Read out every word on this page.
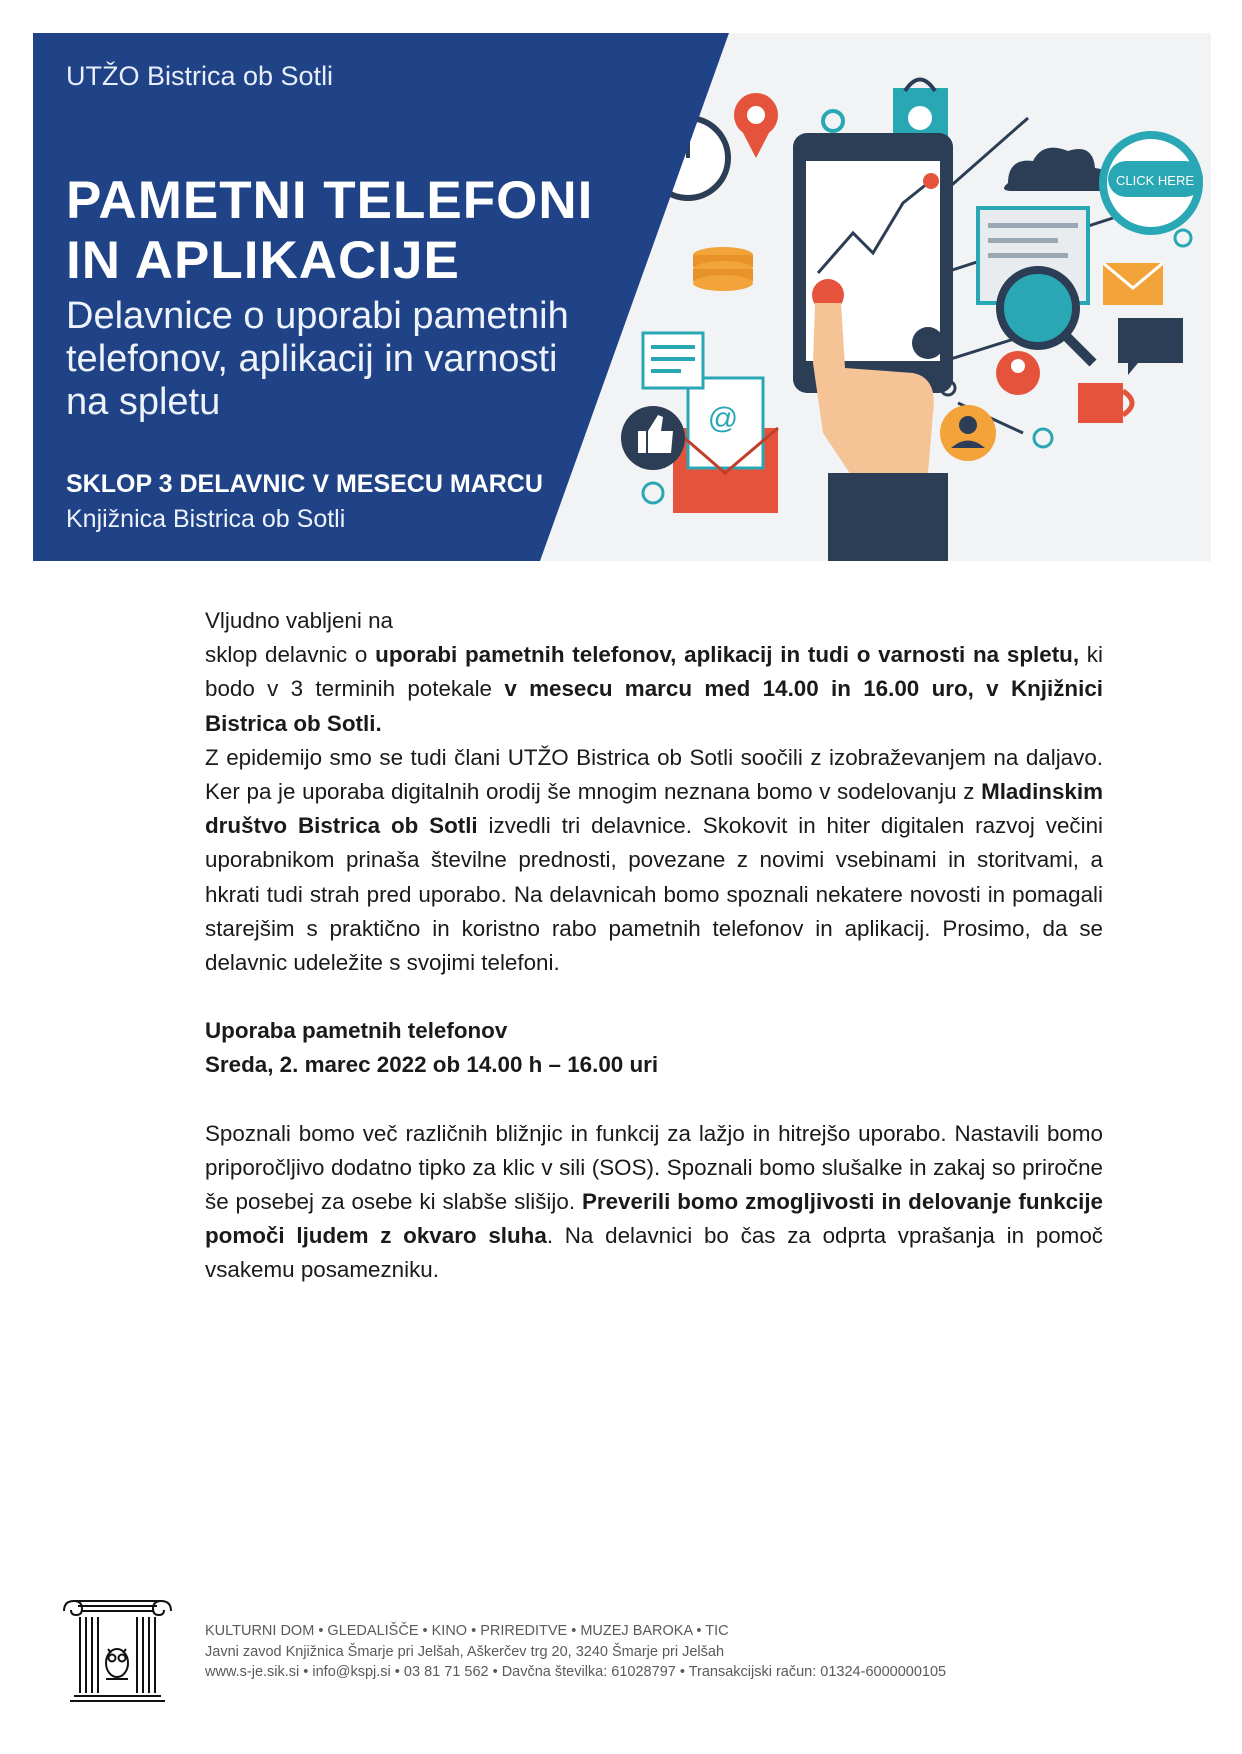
CLICK HERE
@
UTŽO Bistrica ob Sotli
PAMETNI TELEFONI
IN APLIKACIJE
Delavnice o uporabi pametnih
telefonov, aplikacij in varnosti
na spletu
SKLOP 3 DELAVNIC V MESECU MARCU
Knjižnica Bistrica ob Sotli

Vljudno vabljeni na

sklop delavnic o uporabi pametnih telefonov, aplikacij in tudi o varnosti na spletu, ki bodo v 3 terminih potekale v mesecu marcu med 14.00 in 16.00 uro, v Knjižnici Bistrica ob Sotli.

Z epidemijo smo se tudi člani UTŽO Bistrica ob Sotli soočili z izobraževanjem na daljavo. Ker pa je uporaba digitalnih orodij še mnogim neznana bomo v sodelovanju z Mladinskim društvo Bistrica ob Sotli izvedli tri delavnice. Skokovit in hiter digitalen razvoj večini uporabnikom prinaša številne prednosti, povezane z novimi vsebinami in storitvami, a hkrati tudi strah pred uporabo. Na delavnicah bomo spoznali nekatere novosti in pomagali starejšim s praktično in koristno rabo pametnih telefonov in aplikacij. Prosimo, da se delavnic udeležite s svojimi telefoni.

Uporaba pametnih telefonov

Sreda, 2. marec 2022 ob 14.00 h – 16.00 uri

Spoznali bomo več različnih bližnjic in funkcij za lažjo in hitrejšo uporabo. Nastavili bomo priporočljivo dodatno tipko za klic v sili (SOS). Spoznali bomo slušalke in zakaj so priročne še posebej za osebe ki slabše slišijo. Preverili bomo zmogljivosti in delovanje funkcije pomoči ljudem z okvaro sluha. Na delavnici bo čas za odprta vprašanja in pomoč vsakemu posamezniku.

KULTURNI DOM • GLEDALIŠČE • KINO • PRIREDITVE • MUZEJ BAROKA • TIC
Javni zavod Knjižnica Šmarje pri Jelšah, Aškerčev trg 20, 3240 Šmarje pri Jelšah
www.s-je.sik.si • info@kspj.si • 03 81 71 562 • Davčna številka: 61028797 • Transakcijski račun: 01324-6000000105
